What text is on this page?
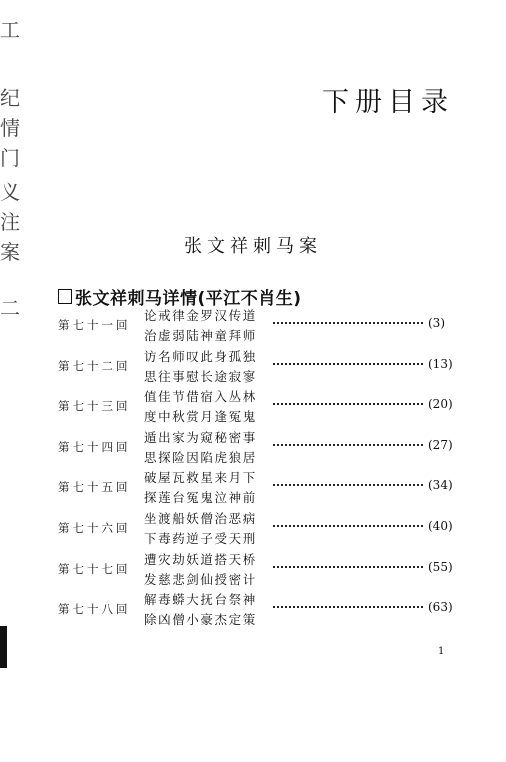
工
纪
情
门
义
注
案
二
下册目录
张文祥刺马案
张文祥刺马详情(平江不肖生)
第七十一回
论戒律金罗汉传道
治虚弱陆神童拜师
(3)
第七十二回
访名师叹此身孤独
思往事慰长途寂寥
(13)
第七十三回
值佳节借宿入丛林
度中秋赏月逢冤鬼
(20)
第七十四回
遁出家为窥秘密事
思探险因陷虎狼居
(27)
第七十五回
破屋瓦救星来月下
探莲台冤鬼泣神前
(34)
第七十六回
坐渡船妖僧治恶病
下毒药逆子受天刑
(40)
第七十七回
遭灾劫妖道搭天桥
发慈悲剑仙授密计
(55)
第七十八回
解毒蟒大抚台祭神
除凶僧小豪杰定策
(63)
1
